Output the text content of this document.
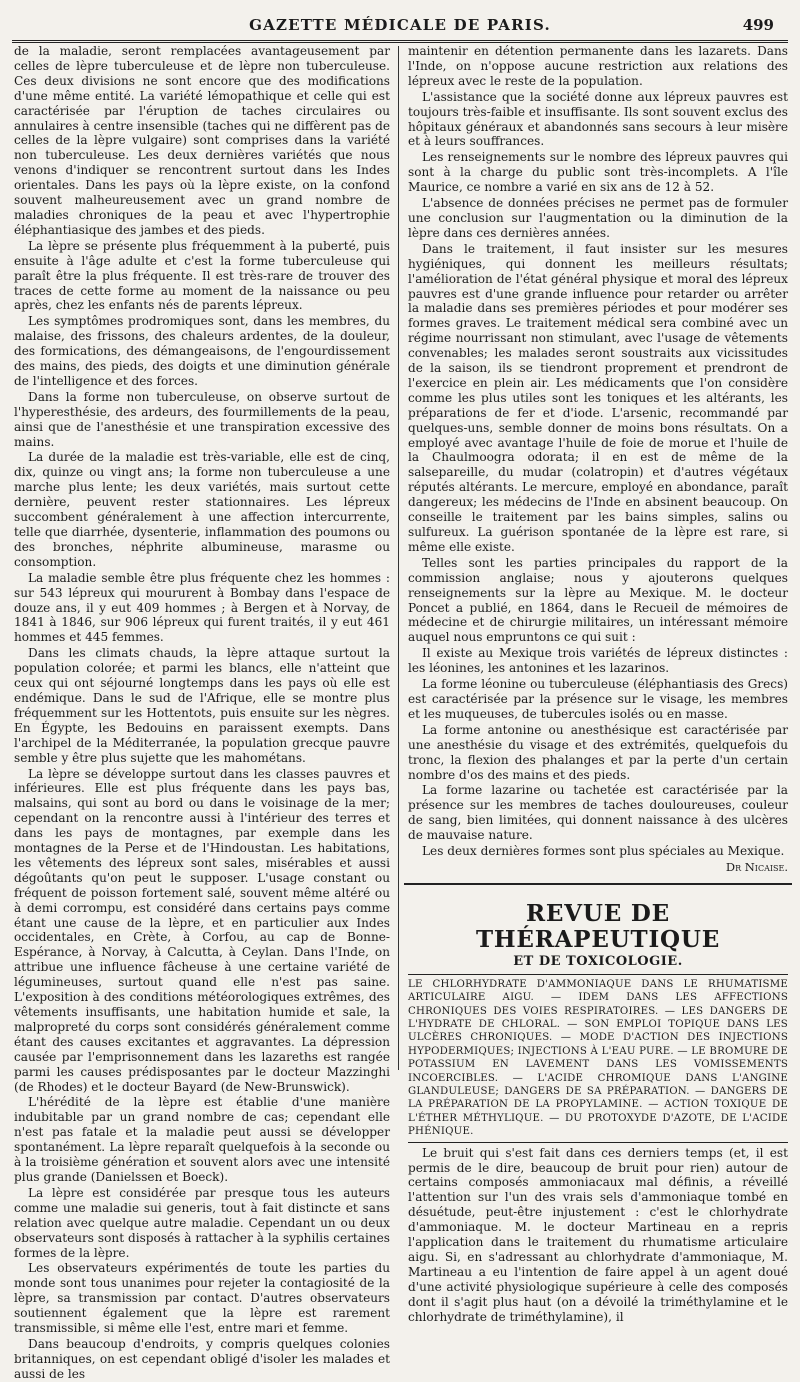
GAZETTE MÉDICALE DE PARIS.	499

de la maladie, seront remplacées avantageusement par celles de lèpre tuberculeuse et de lèpre non tuberculeuse. Ces deux divisions ne sont encore que des modifications d'une même entité. La variété lémopathique et celle qui est caractérisée par l'éruption de taches circulaires ou annulaires à centre insensible (taches qui ne diffèrent pas de celles de la lèpre vulgaire) sont comprises dans la variété non tuberculeuse. Les deux dernières variétés que nous venons d'indiquer se rencontrent surtout dans les Indes orientales. Dans les pays où la lèpre existe, on la confond souvent malheureusement avec un grand nombre de maladies chroniques de la peau et avec l'hypertrophie éléphantiasique des jambes et des pieds.

La lèpre se présente plus fréquemment à la puberté, puis ensuite à l'âge adulte et c'est la forme tuberculeuse qui paraît être la plus fréquente. Il est très-rare de trouver des traces de cette forme au moment de la naissance ou peu après, chez les enfants nés de parents lépreux.

Les symptômes prodromiques sont, dans les membres, du malaise, des frissons, des chaleurs ardentes, de la douleur, des formications, des démangeaisons, de l'engourdissement des mains, des pieds, des doigts et une diminution générale de l'intelligence et des forces.

Dans la forme non tuberculeuse, on observe surtout de l'hyperesthésie, des ardeurs, des fourmillements de la peau, ainsi que de l'anesthésie et une transpiration excessive des mains.

La durée de la maladie est très-variable, elle est de cinq, dix, quinze ou vingt ans; la forme non tuberculeuse a une marche plus lente; les deux variétés, mais surtout cette dernière, peuvent rester stationnaires. Les lépreux succombent généralement à une affection intercurrente, telle que diarrhée, dysenterie, inflammation des poumons ou des bronches, néphrite albumineuse, marasme ou consomption.

La maladie semble être plus fréquente chez les hommes : sur 543 lépreux qui moururent à Bombay dans l'espace de douze ans, il y eut 409 hommes ; à Bergen et à Norvay, de 1841 à 1846, sur 906 lépreux qui furent traités, il y eut 461 hommes et 445 femmes.

Dans les climats chauds, la lèpre attaque surtout la population colorée; et parmi les blancs, elle n'atteint que ceux qui ont séjourné longtemps dans les pays où elle est endémique. Dans le sud de l'Afrique, elle se montre plus fréquemment sur les Hottentots, puis ensuite sur les nègres. En Égypte, les Bedouins en paraissent exempts. Dans l'archipel de la Méditerranée, la population grecque pauvre semble y être plus sujette que les mahométans.

La lèpre se développe surtout dans les classes pauvres et inférieures. Elle est plus fréquente dans les pays bas, malsains, qui sont au bord ou dans le voisinage de la mer; cependant on la rencontre aussi à l'intérieur des terres et dans les pays de montagnes, par exemple dans les montagnes de la Perse et de l'Hindoustan. Les habitations, les vêtements des lépreux sont sales, misérables et aussi dégoûtants qu'on peut le supposer. L'usage constant ou fréquent de poisson fortement salé, souvent même altéré ou à demi corrompu, est considéré dans certains pays comme étant une cause de la lèpre, et en particulier aux Indes occidentales, en Crète, à Corfou, au cap de Bonne-Espérance, à Norvay, à Calcutta, à Ceylan. Dans l'Inde, on attribue une influence fâcheuse à une certaine variété de légumineuses, surtout quand elle n'est pas saine. L'exposition à des conditions météorologiques extrêmes, des vêtements insuffisants, une habitation humide et sale, la malpropreté du corps sont considérés généralement comme étant des causes excitantes et aggravantes. La dépression causée par l'emprisonnement dans les lazareths est rangée parmi les causes prédisposantes par le docteur Mazzinghi (de Rhodes) et le docteur Bayard (de New-Brunswick).

L'hérédité de la lèpre est établie d'une manière indubitable par un grand nombre de cas; cependant elle n'est pas fatale et la maladie peut aussi se développer spontanément. La lèpre reparaît quelquefois à la seconde ou à la troisième génération et souvent alors avec une intensité plus grande (Danielssen et Boeck).

La lèpre est considérée par presque tous les auteurs comme une maladie sui generis, tout à fait distincte et sans relation avec quelque autre maladie. Cependant un ou deux observateurs sont disposés à rattacher à la syphilis certaines formes de la lèpre.

Les observateurs expérimentés de toute les parties du monde sont tous unanimes pour rejeter la contagiosité de la lèpre, sa transmission par contact. D'autres observateurs soutiennent également que la lèpre est rarement transmissible, si même elle l'est, entre mari et femme.

Dans beaucoup d'endroits, y compris quelques colonies britanniques, on est cependant obligé d'isoler les malades et aussi de les

maintenir en détention permanente dans les lazarets. Dans l'Inde, on n'oppose aucune restriction aux relations des lépreux avec le reste de la population.

L'assistance que la société donne aux lépreux pauvres est toujours très-faible et insuffisante. Ils sont souvent exclus des hôpitaux généraux et abandonnés sans secours à leur misère et à leurs souffrances.

Les renseignements sur le nombre des lépreux pauvres qui sont à la charge du public sont très-incomplets. A l'île Maurice, ce nombre a varié en six ans de 12 à 52.

L'absence de données précises ne permet pas de formuler une conclusion sur l'augmentation ou la diminution de la lèpre dans ces dernières années.

Dans le traitement, il faut insister sur les mesures hygiéniques, qui donnent les meilleurs résultats; l'amélioration de l'état général physique et moral des lépreux pauvres est d'une grande influence pour retarder ou arrêter la maladie dans ses premières périodes et pour modérer ses formes graves. Le traitement médical sera combiné avec un régime nourrissant non stimulant, avec l'usage de vêtements convenables; les malades seront soustraits aux vicissitudes de la saison, ils se tiendront proprement et prendront de l'exercice en plein air. Les médicaments que l'on considère comme les plus utiles sont les toniques et les altérants, les préparations de fer et d'iode. L'arsenic, recommandé par quelques-uns, semble donner de moins bons résultats. On a employé avec avantage l'huile de foie de morue et l'huile de la Chaulmoogra odorata; il en est de même de la salsepareille, du mudar (colatropin) et d'autres végétaux réputés altérants. Le mercure, employé en abondance, paraît dangereux; les médecins de l'Inde en absinent beaucoup. On conseille le traitement par les bains simples, salins ou sulfureux. La guérison spontanée de la lèpre est rare, si même elle existe.

Telles sont les parties principales du rapport de la commission anglaise; nous y ajouterons quelques renseignements sur la lèpre au Mexique. M. le docteur Poncet a publié, en 1864, dans le Recueil de mémoires de médecine et de chirurgie militaires, un intéressant mémoire auquel nous empruntons ce qui suit :

Il existe au Mexique trois variétés de lépreux distinctes : les léonines, les antonines et les lazarinos.

La forme léonine ou tuberculeuse (éléphantiasis des Grecs) est caractérisée par la présence sur le visage, les membres et les muqueuses, de tubercules isolés ou en masse.

La forme antonine ou anesthésique est caractérisée par une anesthésie du visage et des extrémités, quelquefois du tronc, la flexion des phalanges et par la perte d'un certain nombre d'os des mains et des pieds.

La forme lazarine ou tachetée est caractérisée par la présence sur les membres de taches douloureuses, couleur de sang, bien limitées, qui donnent naissance à des ulcères de mauvaise nature.

Les deux dernières formes sont plus spéciales au Mexique.

Dr Nicaise.

REVUE DE THÉRAPEUTIQUE
ET DE TOXICOLOGIE.

LE CHLORHYDRATE D'AMMONIAQUE DANS LE RHUMATISME ARTICULAIRE AIGU. — IDEM DANS LES AFFECTIONS CHRONIQUES DES VOIES RESPIRATOIRES. — LES DANGERS DE L'HYDRATE DE CHLORAL. — SON EMPLOI TOPIQUE DANS LES ULCÈRES CHRONIQUES. — MODE D'ACTION DES INJECTIONS HYPODERMIQUES; INJECTIONS À L'EAU PURE. — LE BROMURE DE POTASSIUM EN LAVEMENT DANS LES VOMISSEMENTS INCOERCIBLES. — L'ACIDE CHROMIQUE DANS L'ANGINE GLANDULEUSE; DANGERS DE SA PRÉPARATION. — DANGERS DE LA PRÉPARATION DE LA PROPYLAMINE. — ACTION TOXIQUE DE L'ÉTHER MÉTHYLIQUE. — DU PROTOXYDE D'AZOTE, DE L'ACIDE PHÉNIQUE.

Le bruit qui s'est fait dans ces derniers temps (et, il est permis de le dire, beaucoup de bruit pour rien) autour de certains composés ammoniacaux mal définis, a réveillé l'attention sur l'un des vrais sels d'ammoniaque tombé en désuétude, peut-être injustement : c'est le chlorhydrate d'ammoniaque. M. le docteur Martineau en a repris l'application dans le traitement du rhumatisme articulaire aigu. Si, en s'adressant au chlorhydrate d'ammoniaque, M. Martineau a eu l'intention de faire appel à un agent doué d'une activité physiologique supérieure à celle des composés dont il s'agit plus haut (on a dévoilé la triméthylamine et le chlorhydrate de triméthylamine), il
